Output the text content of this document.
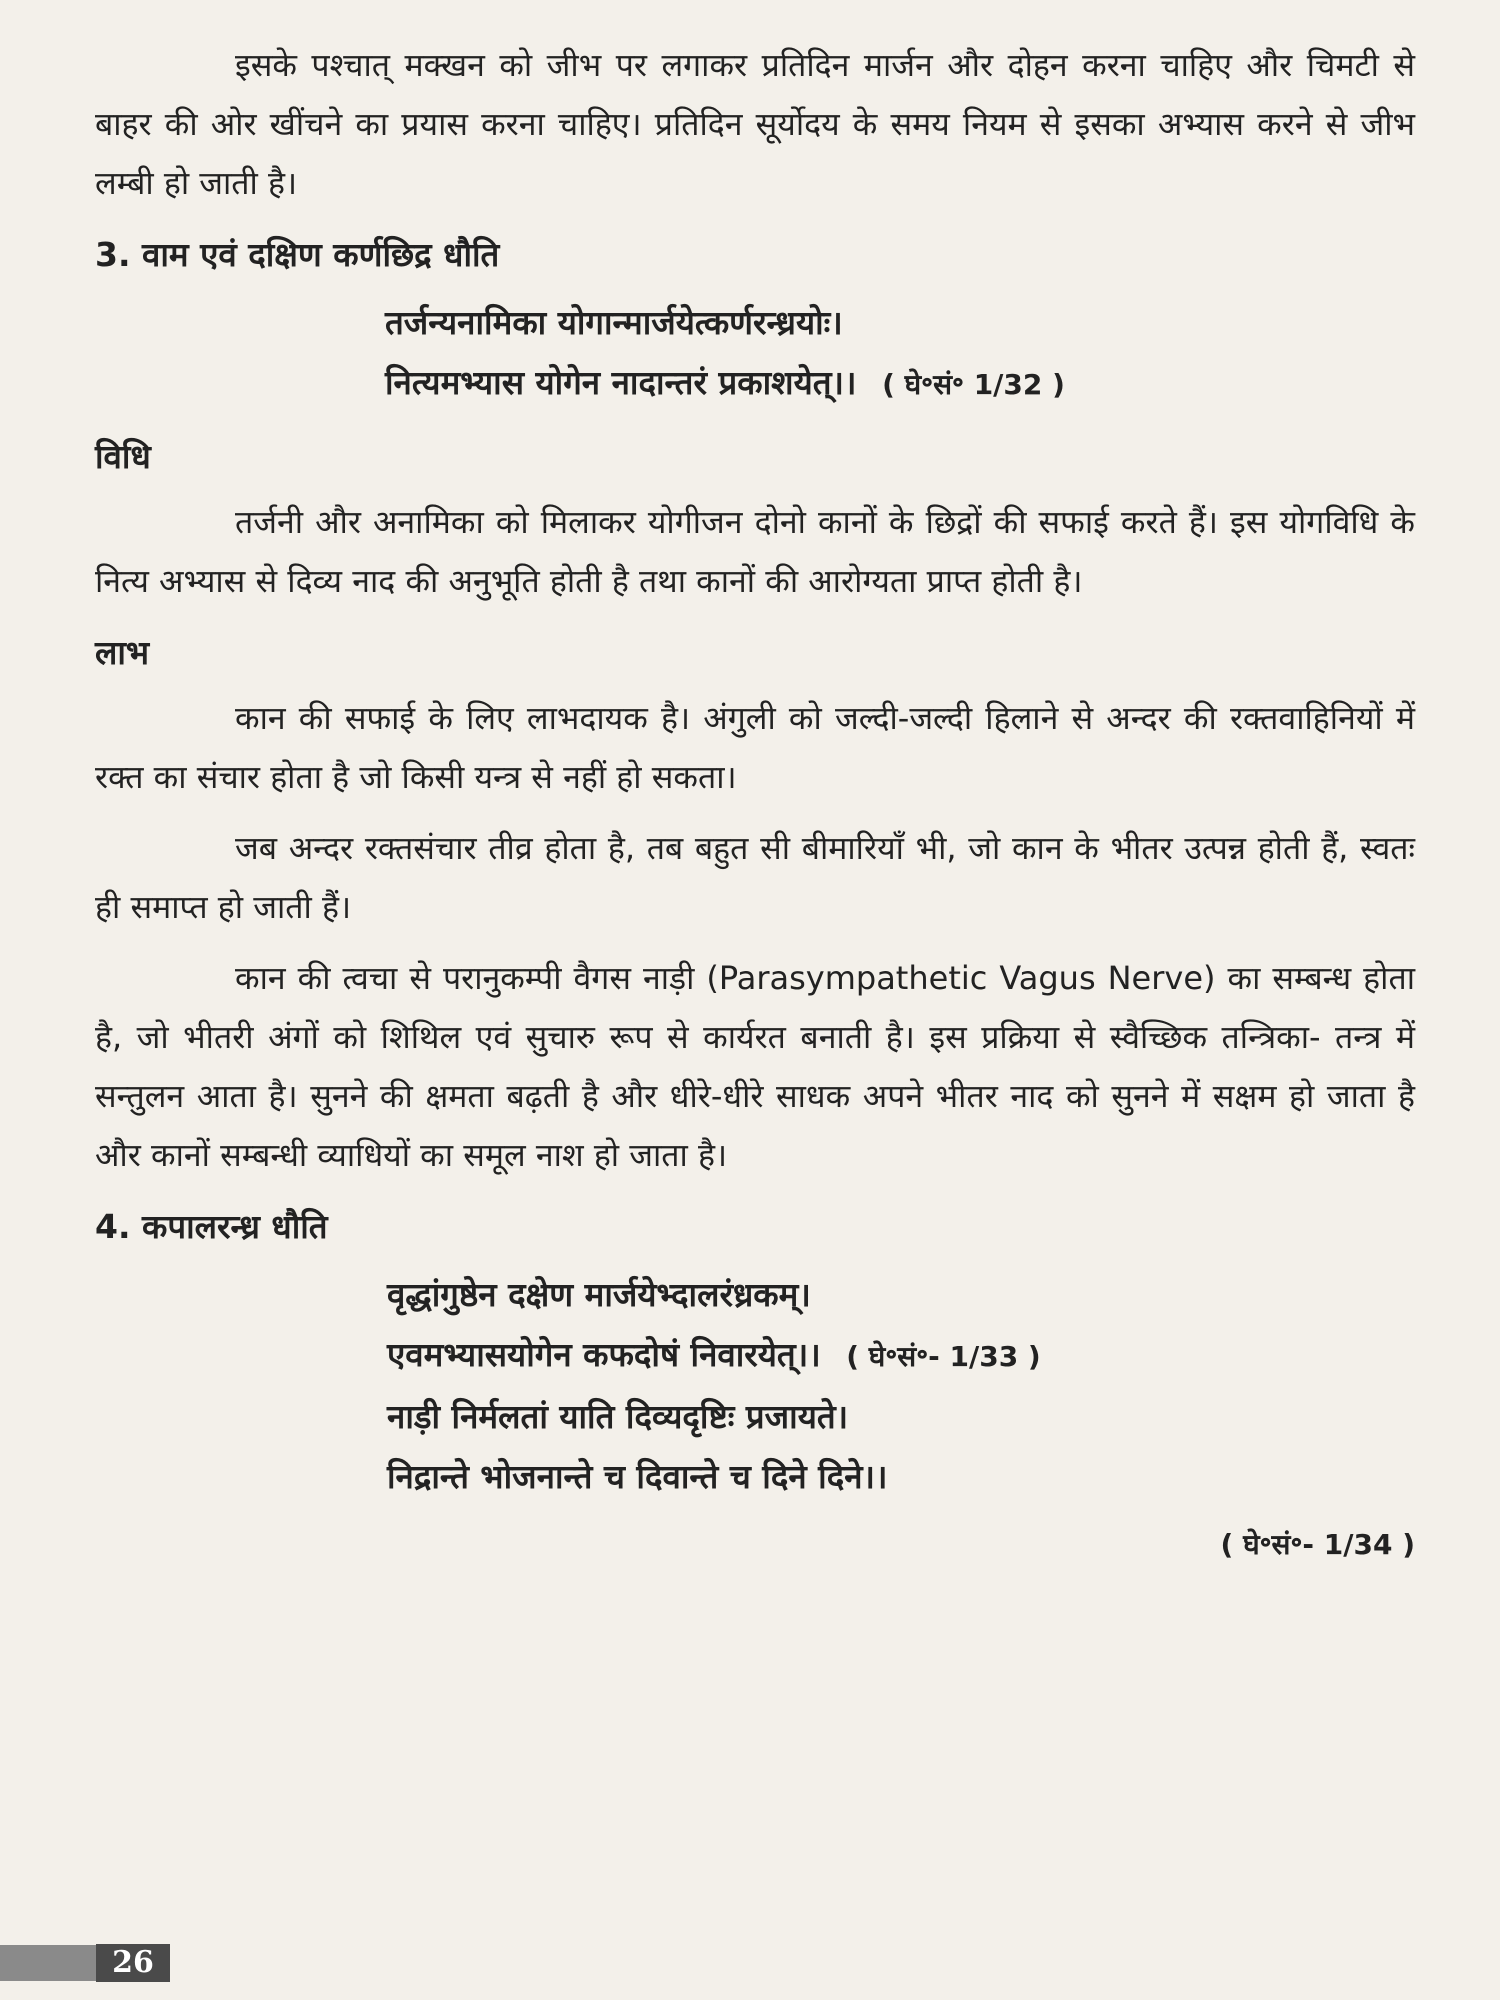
इसके पश्चात् मक्खन को जीभ पर लगाकर प्रतिदिन मार्जन और दोहन करना चाहिए और चिमटी से बाहर की ओर खींचने का प्रयास करना चाहिए। प्रतिदिन सूर्योदय के समय नियम से इसका अभ्यास करने से जीभ लम्बी हो जाती है।

3. वाम एवं दक्षिण कर्णछिद्र धौति

तर्जन्यनामिका योगान्मार्जयेत्कर्णरन्ध्रयोः।

नित्यमभ्यास योगेन नादान्तरं प्रकाशयेत्।। ( घे॰सं॰ 1/32 )

विधि

तर्जनी और अनामिका को मिलाकर योगीजन दोनो कानों के छिद्रों की सफाई करते हैं। इस योगविधि के नित्य अभ्यास से दिव्य नाद की अनुभूति होती है तथा कानों की आरोग्यता प्राप्त होती है।

लाभ

कान की सफाई के लिए लाभदायक है। अंगुली को जल्दी-जल्दी हिलाने से अन्दर की रक्तवाहिनियों में रक्त का संचार होता है जो किसी यन्त्र से नहीं हो सकता।

जब अन्दर रक्तसंचार तीव्र होता है, तब बहुत सी बीमारियाँ भी, जो कान के भीतर उत्पन्न होती हैं, स्वतः ही समाप्त हो जाती हैं।

कान की त्वचा से परानुकम्पी वैगस नाड़ी (Parasympathetic Vagus Nerve) का सम्बन्ध होता है, जो भीतरी अंगों को शिथिल एवं सुचारु रूप से कार्यरत बनाती है। इस प्रक्रिया से स्वैच्छिक तन्त्रिका- तन्त्र में सन्तुलन आता है। सुनने की क्षमता बढ़ती है और धीरे-धीरे साधक अपने भीतर नाद को सुनने में सक्षम हो जाता है और कानों सम्बन्धी व्याधियों का समूल नाश हो जाता है।

4. कपालरन्ध्र धौति

वृद्धांगुष्ठेन दक्षेण मार्जयेभ्दालरंध्रकम्।

एवमभ्यासयोगेन कफदोषं निवारयेत्।। ( घे॰सं॰- 1/33 )

नाड़ी निर्मलतां याति दिव्यदृष्टिः प्रजायते।

निद्रान्ते भोजनान्ते च दिवान्ते च दिने दिने।।

( घे॰सं॰- 1/34 )

26
